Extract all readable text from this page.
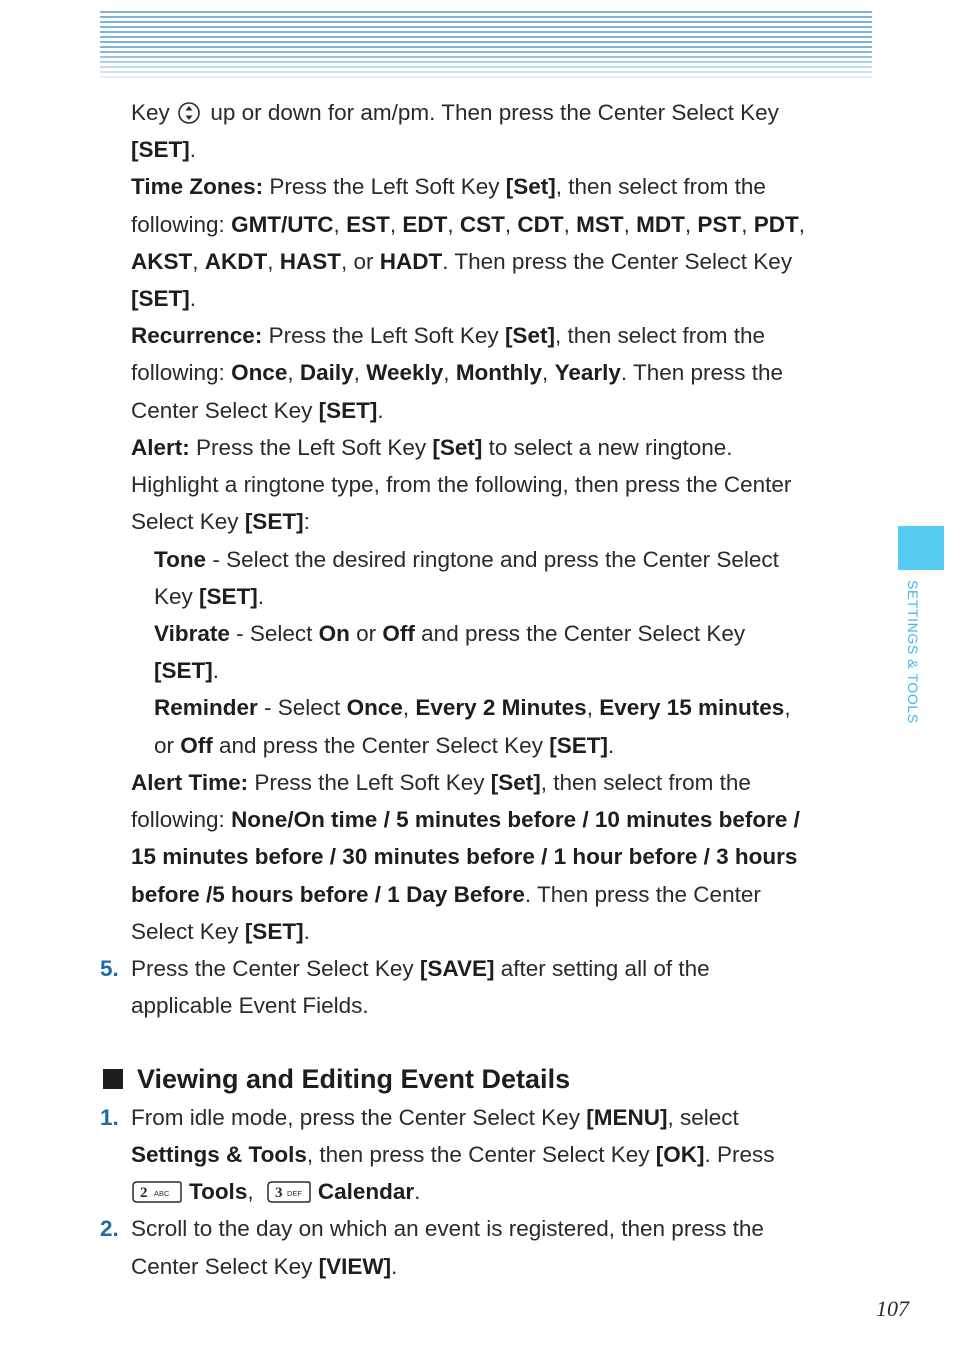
SETTINGS & TOOLS
Key up or down for am/pm. Then press the Center Select Key
[SET].
Time Zones: Press the Left Soft Key [Set], then select from the
following: GMT/UTC, EST, EDT, CST, CDT, MST, MDT, PST, PDT,
AKST, AKDT, HAST, or HADT. Then press the Center Select Key
[SET].
Recurrence: Press the Left Soft Key [Set], then select from the
following: Once, Daily, Weekly, Monthly, Yearly. Then press the
Center Select Key [SET].
Alert: Press the Left Soft Key [Set] to select a new ringtone.
Highlight a ringtone type, from the following, then press the Center
Select Key [SET]:
Tone - Select the desired ringtone and press the Center Select
Key [SET].
Vibrate - Select On or Off and press the Center Select Key
[SET].
Reminder - Select Once, Every 2 Minutes, Every 15 minutes,
or Off and press the Center Select Key [SET].
Alert Time: Press the Left Soft Key [Set], then select from the
following: None/On time / 5 minutes before / 10 minutes before /
15 minutes before / 30 minutes before / 1 hour before / 3 hours
before /5 hours before / 1 Day Before. Then press the Center
Select Key [SET].
5. Press the Center Select Key [SAVE] after setting all of the
applicable Event Fields.
Viewing and Editing Event Details
1. From idle mode, press the Center Select Key [MENU], select
Settings & Tools, then press the Center Select Key [OK]. Press
2 ABC Tools, 3 DEF Calendar.
2. Scroll to the day on which an event is registered, then press the
Center Select Key [VIEW].
107
